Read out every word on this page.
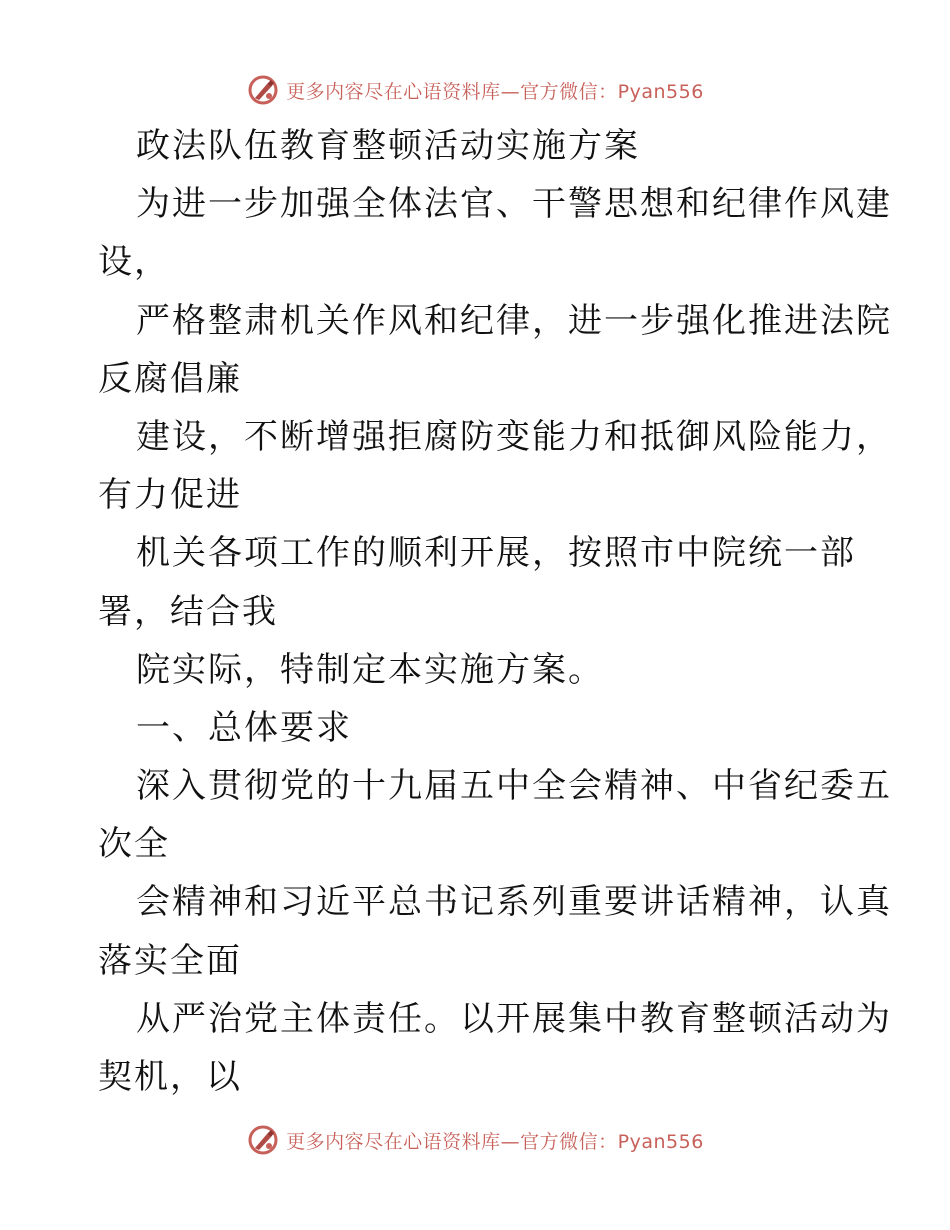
更多内容尽在心语资料库—官方微信：Pyan556
政法队伍教育整顿活动实施方案
为进一步加强全体法官、干警思想和纪律作风建
设，
严格整肃机关作风和纪律，进一步强化推进法院
反腐倡廉
建设，不断增强拒腐防变能力和抵御风险能力，
有力促进
机关各项工作的顺利开展，按照市中院统一部
署，结合我
院实际，特制定本实施方案。
一、总体要求
深入贯彻党的十九届五中全会精神、中省纪委五
次全
会精神和习近平总书记系列重要讲话精神，认真
落实全面
从严治党主体责任。以开展集中教育整顿活动为
契机，以
更多内容尽在心语资料库—官方微信：Pyan556
